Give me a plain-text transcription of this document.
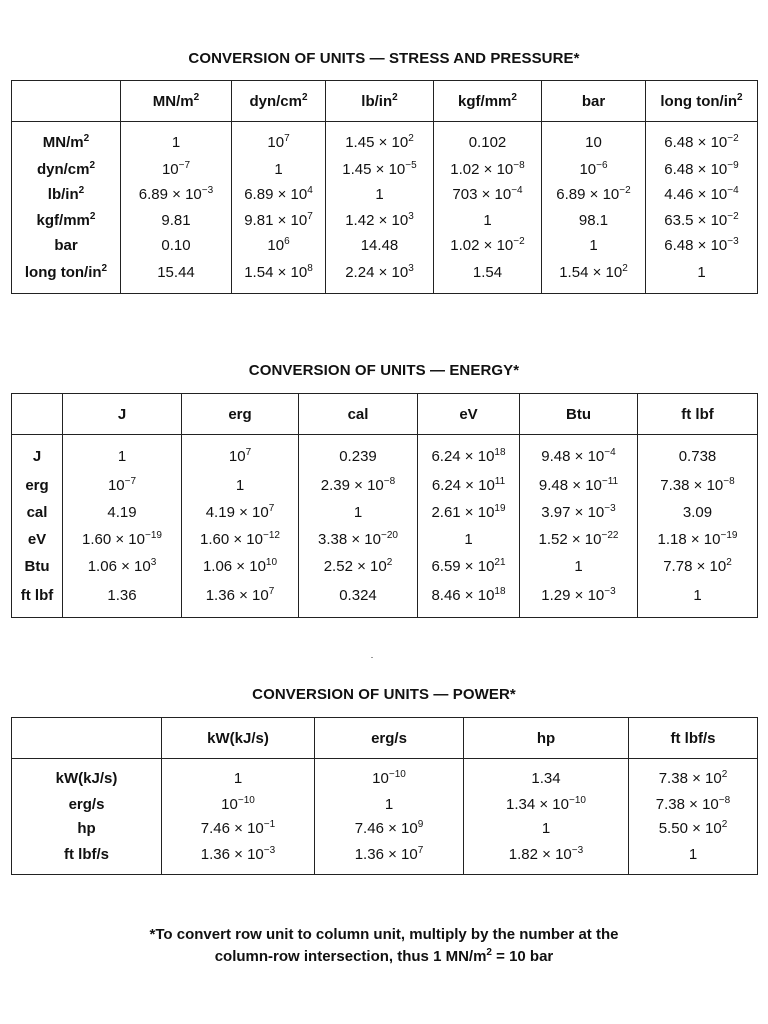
CONVERSION OF UNITS — STRESS AND PRESSURE*
	$MN/m^2$	dyn/$cm^2$	$lb/in^2$	kgf/$mm^2$	bar	long ton/$in^2$
$MN/m^2$	1	$10^7$	$1.45 \times 10^2$	0.102	10	$6.48 \times 10^{-2}$
dyn/$cm^2$	$10^{-7}$	1	$1.45 \times 10^{-5}$	$1.02 \times 10^{-8}$	$10^{-6}$	$6.48 \times 10^{-9}$
$lb/in^2$	$6.89 \times 10^{-3}$	$6.89 \times 10^4$	1	$703 \times 10^{-4}$	$6.89 \times 10^{-2}$	$4.46 \times 10^{-4}$
kgf/$mm^2$	9.81	$9.81 \times 10^7$	$1.42 \times 10^3$	1	98.1	$63.5 \times 10^{-2}$
bar	0.10	$10^6$	14.48	$1.02 \times 10^{-2}$	1	$6.48 \times 10^{-3}$
long ton/$in^2$	15.44	$1.54 \times 10^8$	$2.24 \times 10^3$	1.54	$1.54 \times 10^2$	1
CONVERSION OF UNITS — ENERGY*
	J	erg	cal	eV	Btu	ft lbf
J	1	$10^7$	0.239	$6.24 \times 10^{18}$	$9.48 \times 10^{-4}$	0.738
erg	$10^{-7}$	1	$2.39 \times 10^{-8}$	$6.24 \times 10^{11}$	$9.48 \times 10^{-11}$	$7.38 \times 10^{-8}$
cal	4.19	$4.19 \times 10^7$	1	$2.61 \times 10^{19}$	$3.97 \times 10^{-3}$	3.09
eV	$1.60 \times 10^{-19}$	$1.60 \times 10^{-12}$	$3.38 \times 10^{-20}$	1	$1.52 \times 10^{-22}$	$1.18 \times 10^{-19}$
Btu	$1.06 \times 10^3$	$1.06 \times 10^{10}$	$2.52 \times 10^2$	$6.59 \times 10^{21}$	1	$7.78 \times 10^2$
ft lbf	1.36	$1.36 \times 10^7$	0.324	$8.46 \times 10^{18}$	$1.29 \times 10^{-3}$	1
CONVERSION OF UNITS — POWER*
	kW(kJ/s)	erg/s	hp	ft lbf/s
kW(kJ/s)	1	$10^{-10}$	1.34	$7.38 \times 10^2$
erg/s	$10^{-10}$	1	$1.34 \times 10^{-10}$	$7.38 \times 10^{-8}$
hp	$7.46 \times 10^{-1}$	$7.46 \times 10^9$	1	$5.50 \times 10^2$
ft lbf/s	$1.36 \times 10^{-3}$	$1.36 \times 10^7$	$1.82 \times 10^{-3}$	1
*To convert row unit to column unit, multiply by the number at the
column-row intersection, thus 1 $MN/m^2 = 10$ bar
